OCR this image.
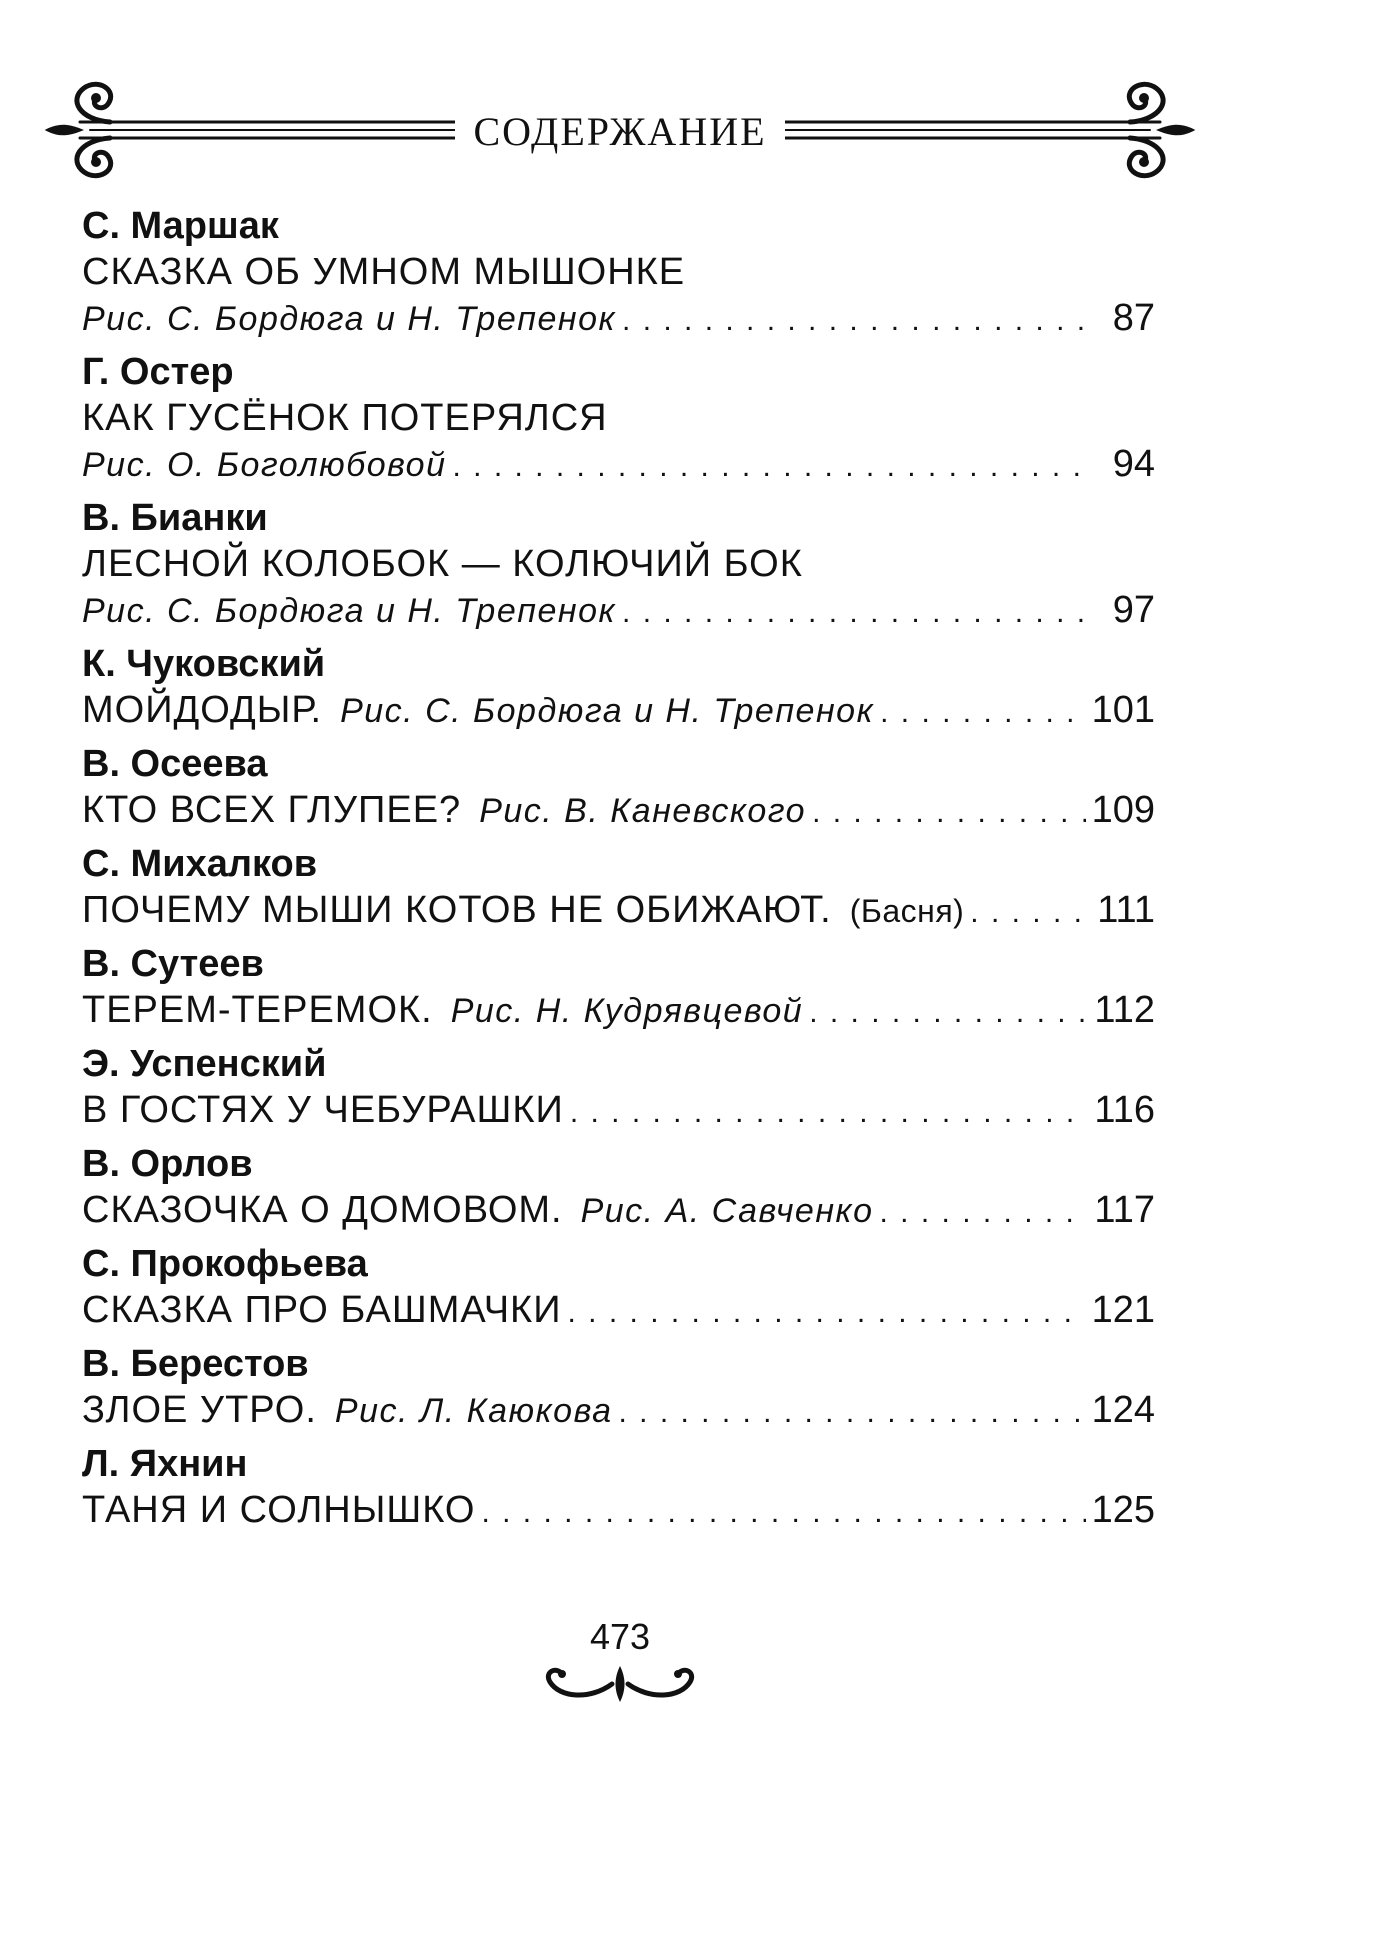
СОДЕРЖАНИЕ
С. Маршак
СКАЗКА ОБ УМНОМ МЫШОНКЕ
Рис. С. Бордюга и Н. Трепенок . . .	87
Г. Остер
КАК ГУСЁНОК ПОТЕРЯЛСЯ
Рис. О. Боголюбовой . . .	94
В. Бианки
ЛЕСНОЙ КОЛОБОК — КОЛЮЧИЙ БОК
Рис. С. Бордюга и Н. Трепенок . . .	97
К. Чуковский
МОЙДОДЫР. Рис. С. Бордюга и Н. Трепенок . . .	101
В. Осеева
КТО ВСЕХ ГЛУПЕЕ? Рис. В. Каневского . . .	109
С. Михалков
ПОЧЕМУ МЫШИ КОТОВ НЕ ОБИЖАЮТ. (Басня) . . .	111
В. Сутеев
ТЕРЕМ-ТЕРЕМОК. Рис. Н. Кудрявцевой . . .	112
Э. Успенский
В ГОСТЯХ У ЧЕБУРАШКИ . . .	116
В. Орлов
СКАЗОЧКА О ДОМОВОМ. Рис. А. Савченко . . .	117
С. Прокофьева
СКАЗКА ПРО БАШМАЧКИ . . .	121
В. Берестов
ЗЛОЕ УТРО. Рис. Л. Каюкова . . .	124
Л. Яхнин
ТАНЯ И СОЛНЫШКО . . .	125
473
